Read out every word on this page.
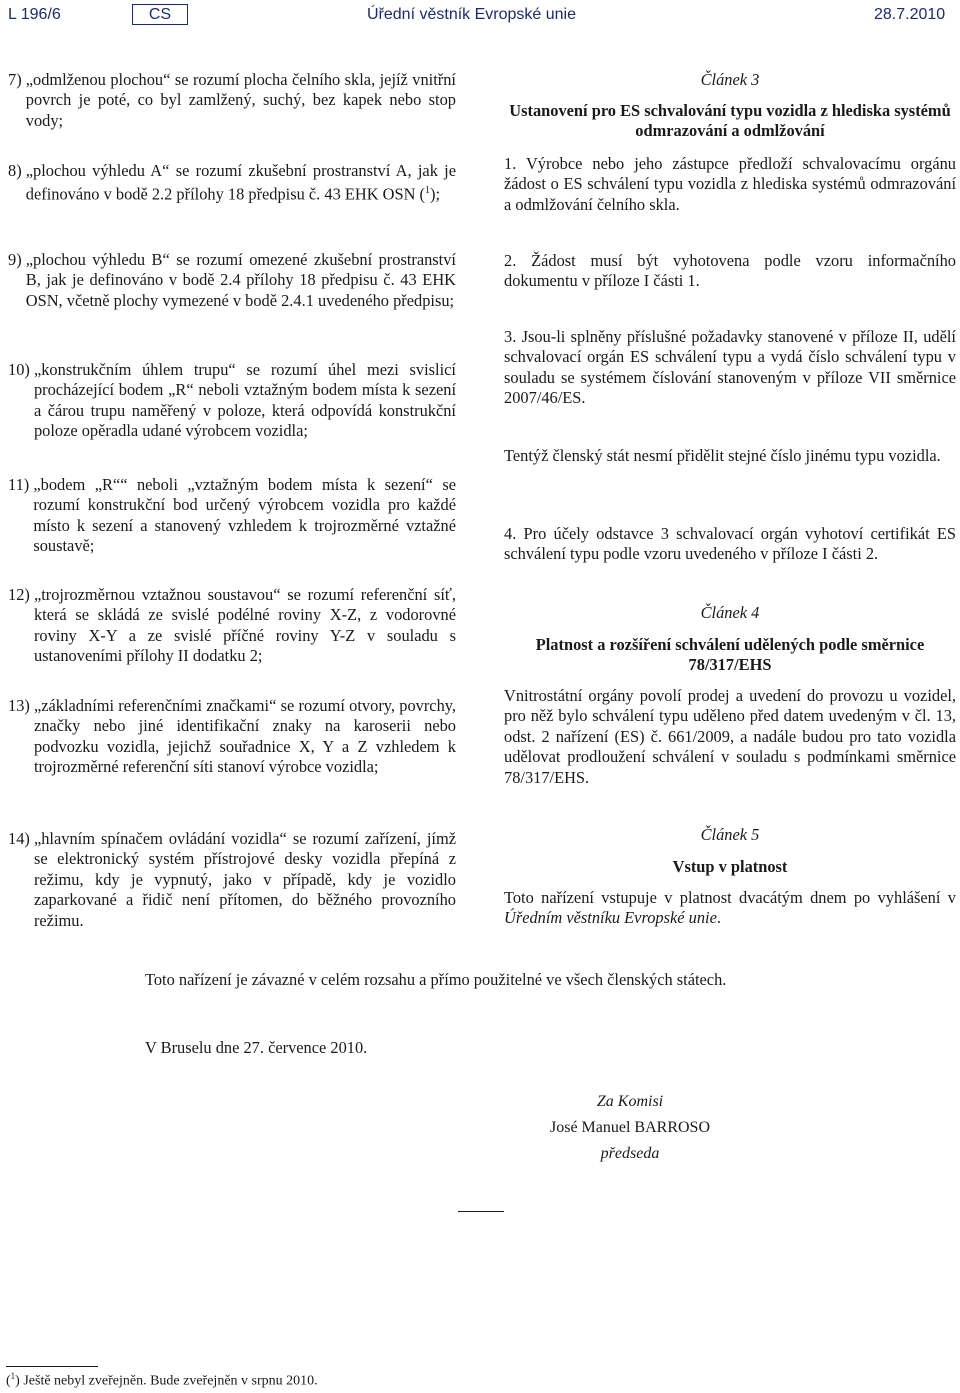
L 196/6	CS	Úřední věstník Evropské unie	28.7.2010
7) „odmlženou plochou“ se rozumí plocha čelního skla, jejíž vnitřní povrch je poté, co byl zamlžený, suchý, bez kapek nebo stop vody;
8) „plochou výhledu A“ se rozumí zkušební prostranství A, jak je definováno v bodě 2.2 přílohy 18 předpisu č. 43 EHK OSN ($^1$);
9) „plochou výhledu B“ se rozumí omezené zkušební prostranství B, jak je definováno v bodě 2.4 přílohy 18 předpisu č. 43 EHK OSN, včetně plochy vymezené v bodě 2.4.1 uvedeného předpisu;
10) „konstrukčním úhlem trupu“ se rozumí úhel mezi svislicí procházející bodem „R“ neboli vztažným bodem místa k sezení a čárou trupu naměřený v poloze, která odpovídá konstrukční poloze opěradla udané výrobcem vozidla;
11) „bodem „R““ neboli „vztažným bodem místa k sezení“ se rozumí konstrukční bod určený výrobcem vozidla pro každé místo k sezení a stanovený vzhledem k trojrozměrné vztažné soustavě;
12) „trojrozměrnou vztažnou soustavou“ se rozumí referenční síť, která se skládá ze svislé podélné roviny X-Z, z vodorovné roviny X-Y a ze svislé příčné roviny Y-Z v souladu s ustanoveními přílohy II dodatku 2;
13) „základními referenčními značkami“ se rozumí otvory, povrchy, značky nebo jiné identifikační znaky na karoserii nebo podvozku vozidla, jejichž souřadnice X, Y a Z vzhledem k trojrozměrné referenční síti stanoví výrobce vozidla;
14) „hlavním spínačem ovládání vozidla“ se rozumí zařízení, jímž se elektronický systém přístrojové desky vozidla přepíná z režimu, kdy je vypnutý, jako v případě, kdy je vozidlo zaparkované a řidič není přítomen, do běžného provozního režimu.
Článek 3
Ustanovení pro ES schvalování typu vozidla z hlediska systémů odmrazování a odmlžování
1. Výrobce nebo jeho zástupce předloží schvalovacímu orgánu žádost o ES schválení typu vozidla z hlediska systémů odmrazování a odmlžování čelního skla.
2. Žádost musí být vyhotovena podle vzoru informačního dokumentu v příloze I části 1.
3. Jsou-li splněny příslušné požadavky stanovené v příloze II, udělí schvalovací orgán ES schválení typu a vydá číslo schválení typu v souladu se systémem číslování stanoveným v příloze VII směrnice 2007/46/ES.
Tentýž členský stát nesmí přidělit stejné číslo jinému typu vozidla.
4. Pro účely odstavce 3 schvalovací orgán vyhotoví certifikát ES schválení typu podle vzoru uvedeného v příloze I části 2.
Článek 4
Platnost a rozšíření schválení udělených podle směrnice 78/317/EHS
Vnitrostátní orgány povolí prodej a uvedení do provozu u vozidel, pro něž bylo schválení typu uděleno před datem uvedeným v čl. 13, odst. 2 nařízení (ES) č. 661/2009, a nadále budou pro tato vozidla udělovat prodloužení schválení v souladu s podmínkami směrnice 78/317/EHS.
Článek 5
Vstup v platnost
Toto nařízení vstupuje v platnost dvacátým dnem po vyhlášení v Úředním věstníku Evropské unie.
Toto nařízení je závazné v celém rozsahu a přímo použitelné ve všech členských státech.
V Bruselu dne 27. července 2010.
Za Komisi
José Manuel BARROSO
předseda
($^1$) Ještě nebyl zveřejněn. Bude zveřejněn v srpnu 2010.
